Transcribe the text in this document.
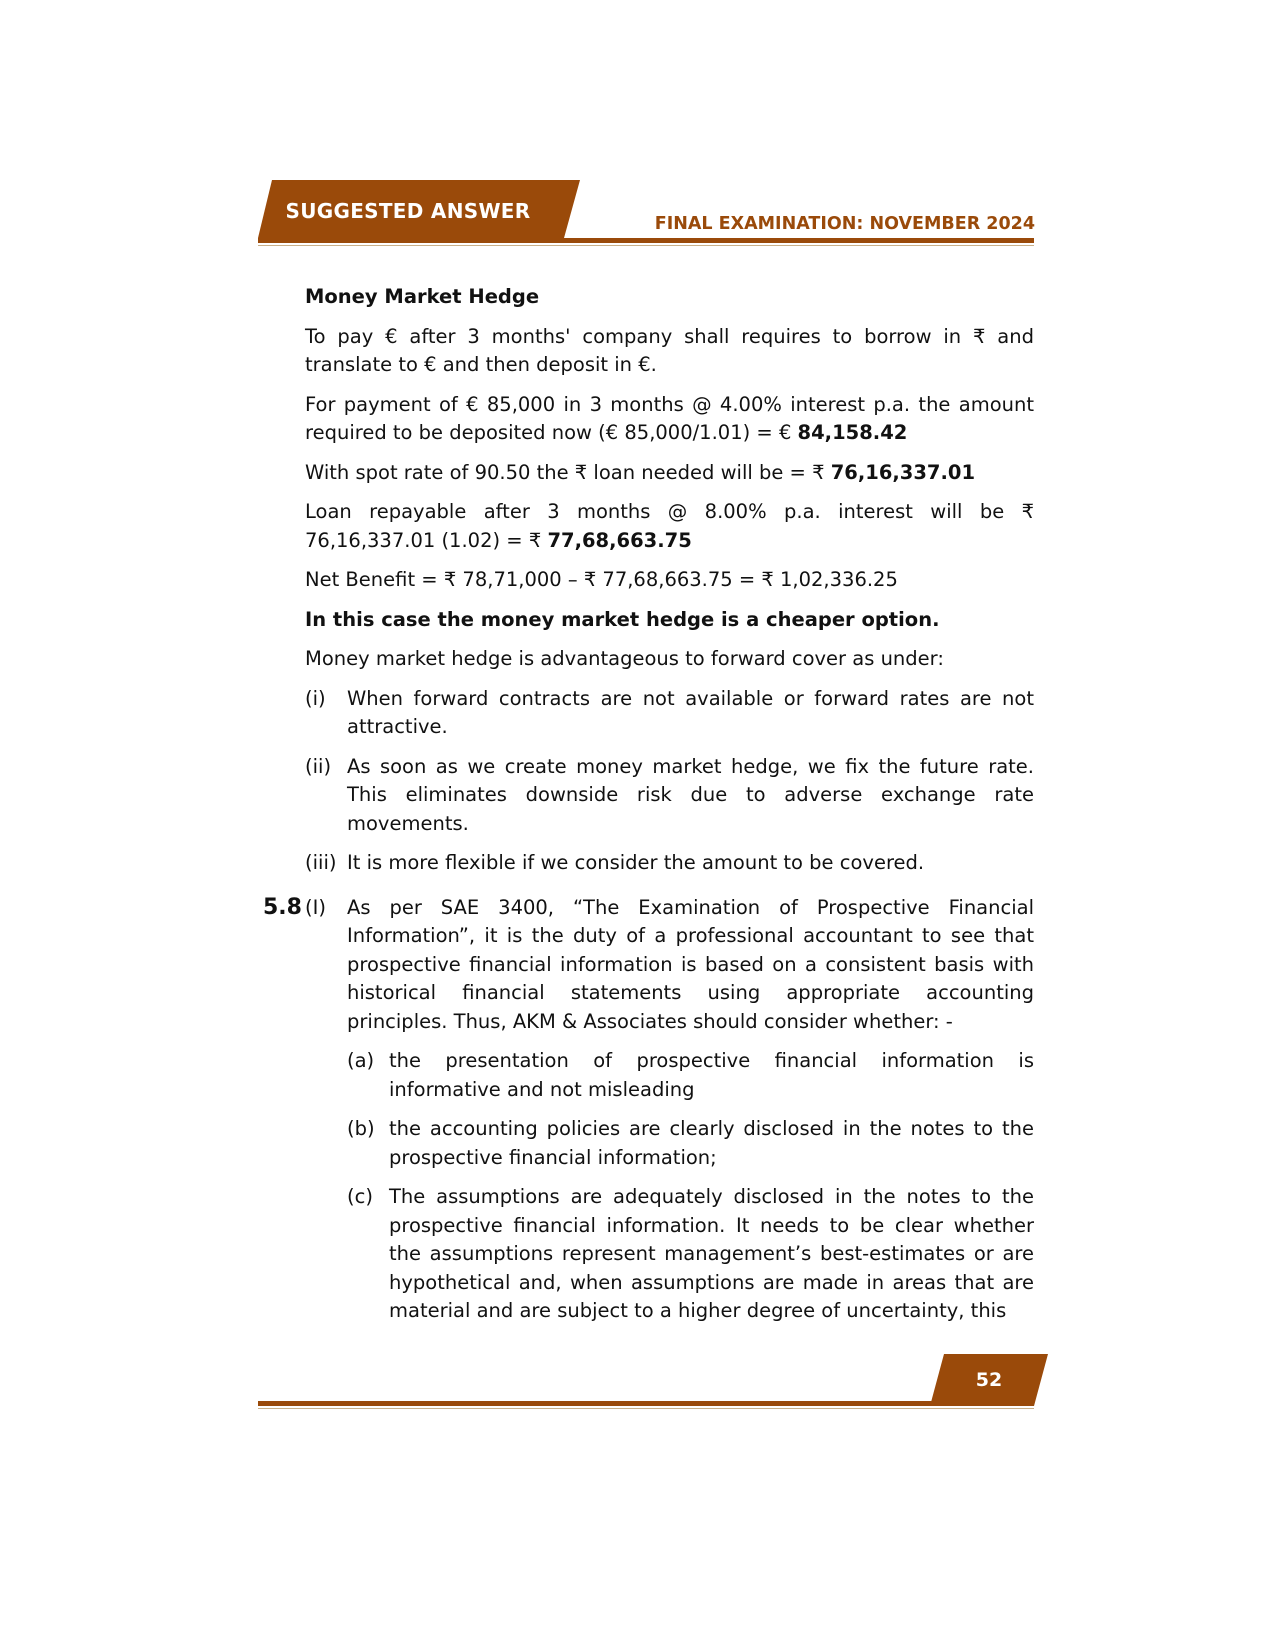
SUGGESTED ANSWER
FINAL EXAMINATION: NOVEMBER 2024

Money Market Hedge

To pay € after 3 months' company shall requires to borrow in ₹ and translate to € and then deposit in €.

For payment of € 85,000 in 3 months @ 4.00% interest p.a. the amount required to be deposited now (€ 85,000/1.01) = € 84,158.42

With spot rate of 90.50 the ₹ loan needed will be = ₹ 76,16,337.01

Loan repayable after 3 months @ 8.00% p.a. interest will be ₹ 76,16,337.01 (1.02) = ₹ 77,68,663.75

Net Benefit = ₹ 78,71,000 – ₹ 77,68,663.75 = ₹ 1,02,336.25

In this case the money market hedge is a cheaper option.

Money market hedge is advantageous to forward cover as under:

(i)	When forward contracts are not available or forward rates are not attractive.
(ii) As soon as we create money market hedge, we fix the future rate. This eliminates downside risk due to adverse exchange rate movements.
(iii) It is more flexible if we consider the amount to be covered.
5.8 (I)	As per SAE 3400, “The Examination of Prospective Financial Information”, it is the duty of a professional accountant to see that prospective financial information is based on a consistent basis with historical financial statements using appropriate accounting principles. Thus, AKM & Associates should consider whether: -
(a) the presentation of prospective financial information is informative and not misleading
(b) the accounting policies are clearly disclosed in the notes to the prospective financial information;
(c) The assumptions are adequately disclosed in the notes to the prospective financial information. It needs to be clear whether the assumptions represent management’s best-estimates or are hypothetical and, when assumptions are made in areas that are material and are subject to a higher degree of uncertainty, this
52
